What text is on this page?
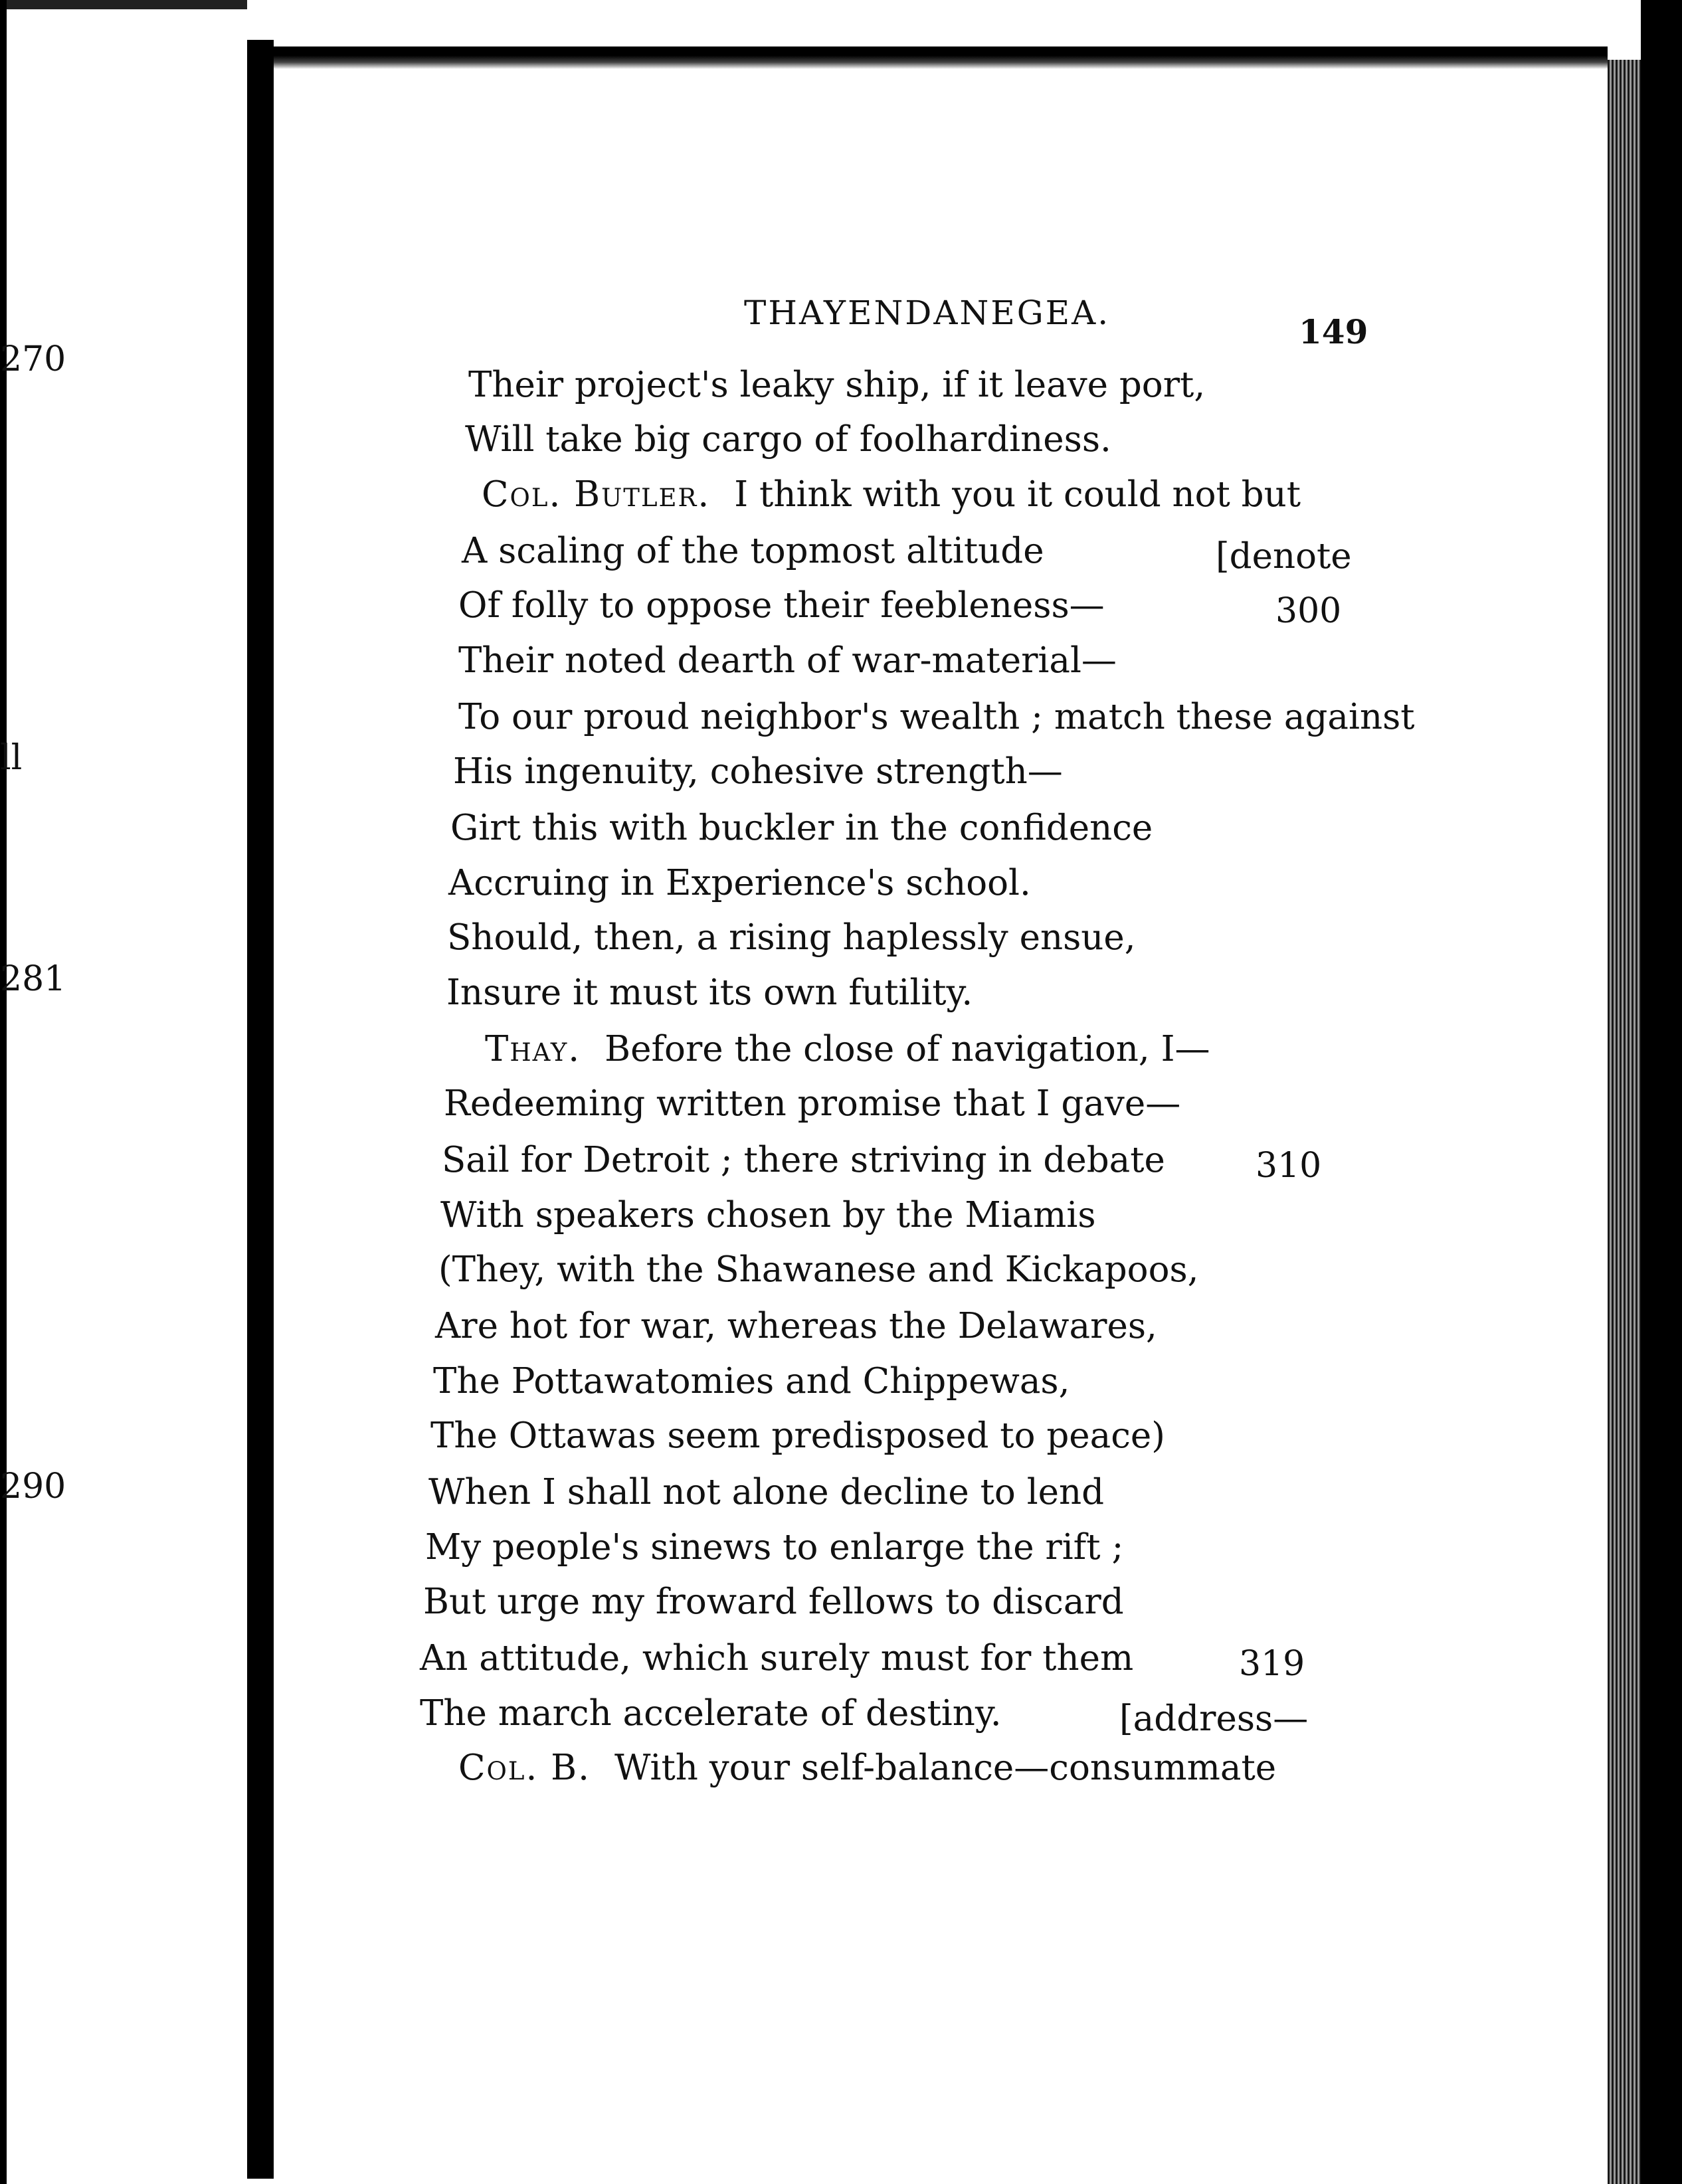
270
ll
281
290
THAYENDANEGEA.	149
Their project's leaky ship, if it leave port,
Will take big cargo of foolhardiness.
Col. Butler. I think with you it could not but
A scaling of the topmost altitude	[denote
Of folly to oppose their feebleness—	300
Their noted dearth of war-material—
To our proud neighbor's wealth ; match these against
His ingenuity, cohesive strength—
Girt this with buckler in the confidence
Accruing in Experience's school.
Should, then, a rising haplessly ensue,
Insure it must its own futility.
Thay. Before the close of navigation, I—
Redeeming written promise that I gave—
Sail for Detroit ; there striving in debate	310
With speakers chosen by the Miamis
(They, with the Shawanese and Kickapoos,
Are hot for war, whereas the Delawares,
The Pottawatomies and Chippewas,
The Ottawas seem predisposed to peace)
When I shall not alone decline to lend
My people's sinews to enlarge the rift ;
But urge my froward fellows to discard
An attitude, which surely must for them	319
The march accelerate of destiny.	[address—
Col. B. With your self-balance—consummate
